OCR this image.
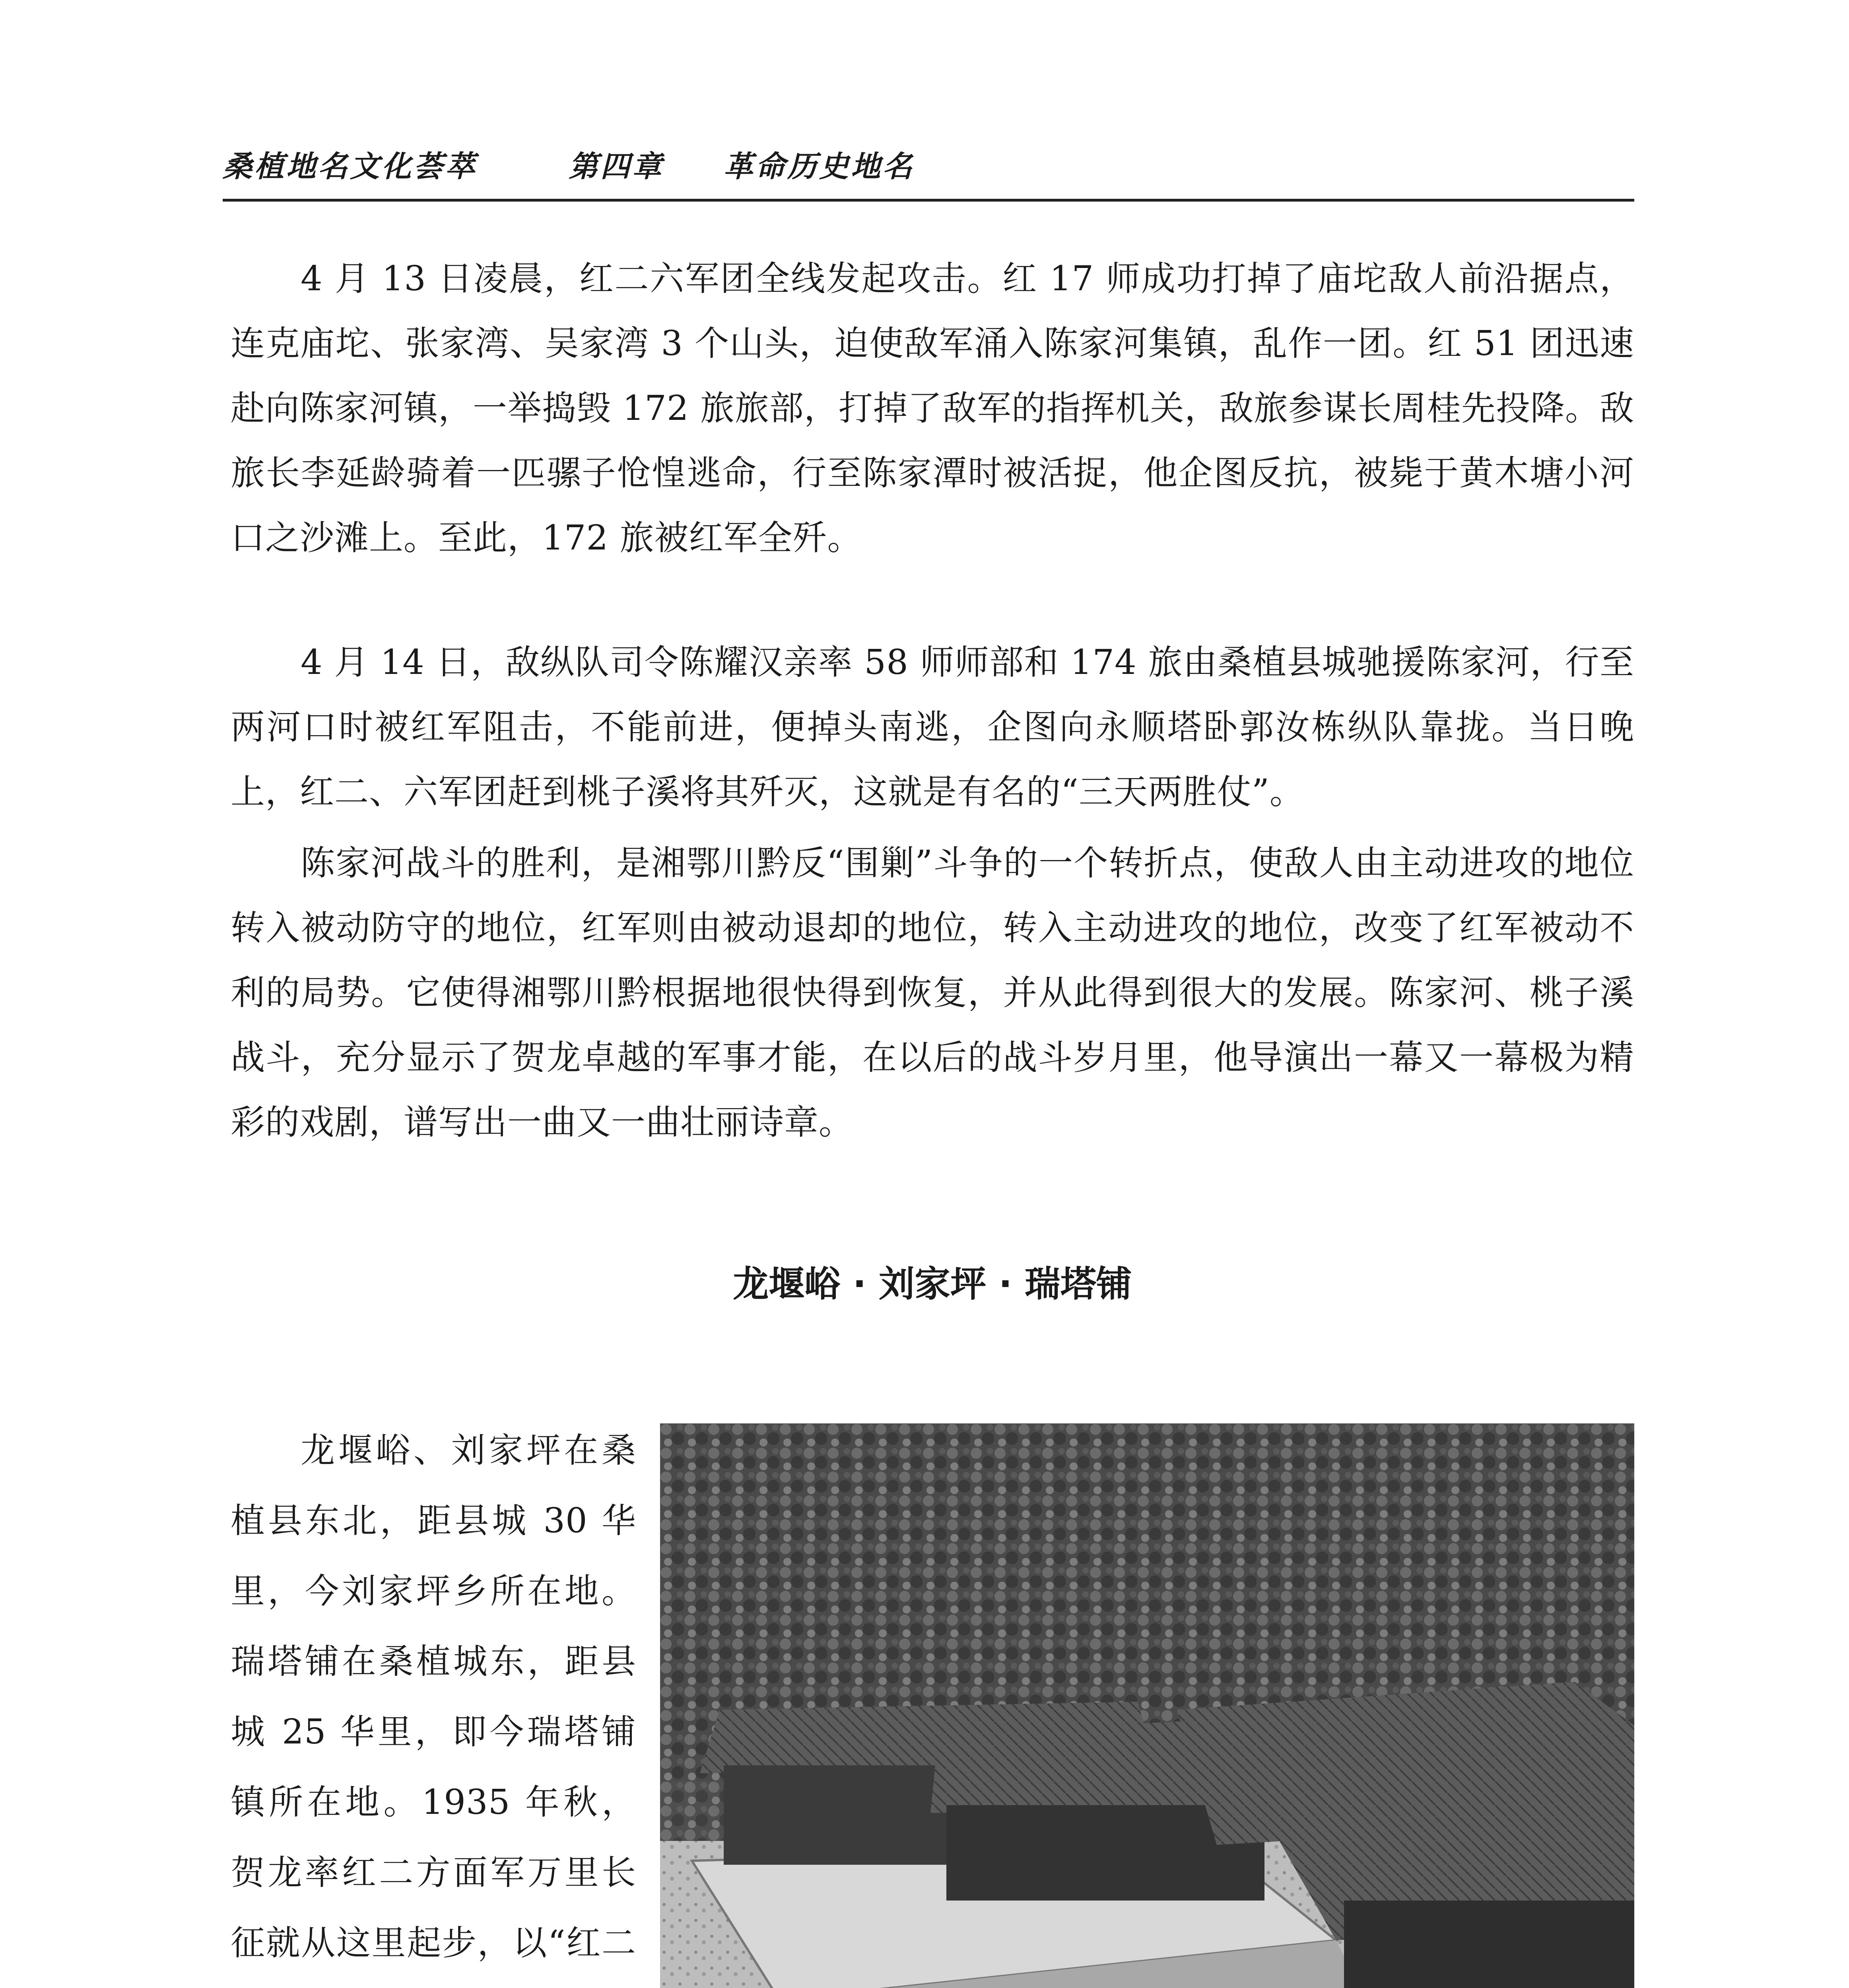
桑植地名文化荟萃	第四章 革命历史地名

4 月 13 日凌晨，红二六军团全线发起攻击。红 17 师成功打掉了庙坨敌人前沿据点，连克庙坨、张家湾、吴家湾 3 个山头，迫使敌军涌入陈家河集镇，乱作一团。红 51 团迅速赴向陈家河镇，一举捣毁 172 旅旅部，打掉了敌军的指挥机关，敌旅参谋长周桂先投降。敌旅长李延龄骑着一匹骡子怆惶逃命，行至陈家潭时被活捉，他企图反抗，被毙于黄木塘小河口之沙滩上。至此，172 旅被红军全歼。

4 月 14 日，敌纵队司令陈耀汉亲率 58 师师部和 174 旅由桑植县城驰援陈家河，行至两河口时被红军阻击，不能前进，便掉头南逃，企图向永顺塔卧郭汝栋纵队靠拢。当日晚上，红二、六军团赶到桃子溪将其歼灭，这就是有名的“三天两胜仗”。

陈家河战斗的胜利，是湘鄂川黔反“围剿”斗争的一个转折点，使敌人由主动进攻的地位转入被动防守的地位，红军则由被动退却的地位，转入主动进攻的地位，改变了红军被动不利的局势。它使得湘鄂川黔根据地很快得到恢复，并从此得到很大的发展。陈家河、桃子溪战斗，充分显示了贺龙卓越的军事才能，在以后的战斗岁月里，他导演出一幕又一幕极为精彩的戏剧，谱写出一曲又一曲壮丽诗章。

龙堰峪 · 刘家坪 · 瑞塔铺

龙堰峪、刘家坪在桑植县东北，距县城 30 华里，今刘家坪乡所在地。瑞塔铺在桑植城东，距县城 25 华里，即今瑞塔铺镇所在地。1935 年秋，贺龙率红二方面军万里长征就从这里起步，以“红二
